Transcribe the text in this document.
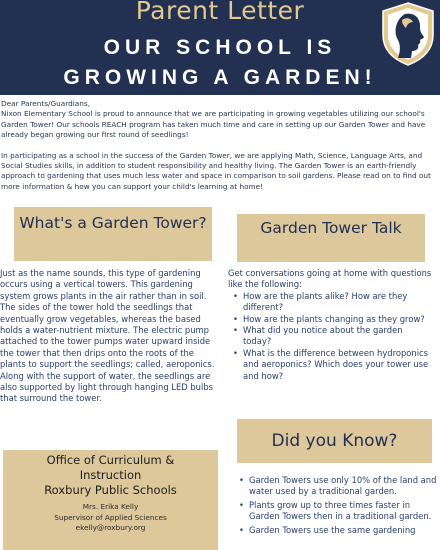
Parent Letter
OUR SCHOOL IS
GROWING A GARDEN!

Dear Parents/Guardians,

Nixon Elementary School is proud to announce that we are participating in growing vegetables utilizing our school's Garden Tower! Our schools REACH program has taken much time and care in setting up our Garden Tower and have already began growing our first round of seedlings!

In participating as a school in the success of the Garden Tower, we are applying Math, Science, Language Arts, and Social Studies skills, in addition to student responsibility and healthy living. The Garden Tower is an earth-friendly approach to gardening that uses much less water and space in comparison to soil gardens. Please read on to find out more information & how you can support your child's learning at home!

What's a Garden Tower?	Garden Tower Talk
Just as the name sounds, this type of gardening occurs using a vertical towers. This gardening system grows plants in the air rather than in soil. The sides of the tower hold the seedlings that eventually grow vegetables, whereas the based holds a water-nutrient mixture. The electric pump attached to the tower pumps water upward inside the tower that then drips onto the roots of the plants to support the seedlings; called, aeroponics. Along with the support of water, the seedlings are also supported by light through hanging LED bulbs that surround the tower.
Get conversations going at home with questions like the following:
• How are the plants alike? How are they different?
• How are the plants changing as they grow?
• What did you notice about the garden today?
• What is the difference between hydroponics and aeroponics? Which does your tower use and how?
Did you Know?
• Garden Towers use only 10% of the land and water used by a traditional garden.
• Plants grow up to three times faster in Garden Towers then in a traditional garden.
• Garden Towers use the same gardening
Office of Curriculum &
Instruction
Roxbury Public Schools
Mrs. Erika Kelly
Supervisor of Applied Sciences
ekelly@roxbury.org
